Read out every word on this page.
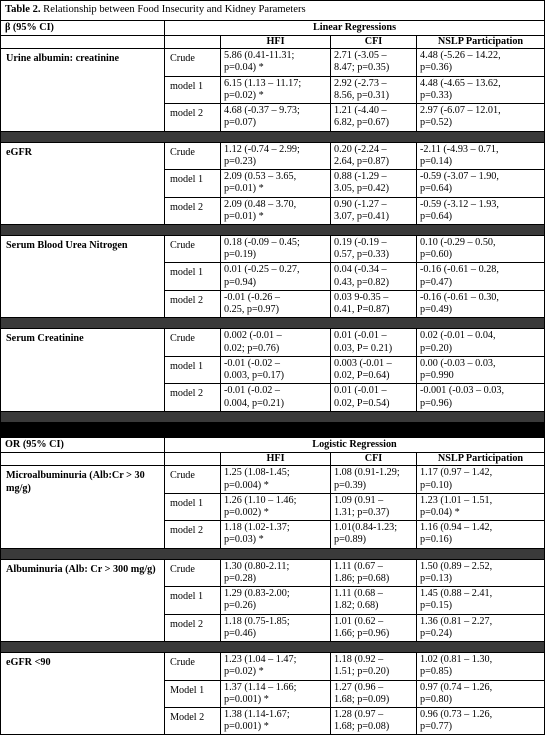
Table 2. Relationship between Food Insecurity and Kidney Parameters				
β (95% CI)	Linear Regressions			
		HFI	CFI	NSLP Participation
Urine albumin: creatinine	Crude	5.86 (0.41-11.31;
p=0.04) *	2.71 (-3.05 –
8.47; p=0.35)	4.48 (-5.26 – 14.22,
p=0.36)
	model 1	6.15 (1.13 – 11.17;
p=0.02) *	2.92 (-2.73 –
8.56, p=0.31)	4.48 (-4.65 – 13.62,
p=0.33)
	model 2	4.68 (-0.37 – 9.73;
p=0.07)	1.21 (-4.40 –
6.82, p=0.67)	2.97 (-6.07 – 12.01,
p=0.52)

eGFR	Crude	1.12 (-0.74 – 2.99;
p=0.23)	0.20 (-2.24 –
2.64, p=0.87)	-2.11 (-4.93 – 0.71,
p=0.14)
	model 1	2.09 (0.53 – 3.65,
p=0.01) *	0.88 (-1.29 –
3.05, p=0.42)	-0.59 (-3.07 – 1.90,
p=0.64)
	model 2	2.09 (0.48 – 3.70,
p=0.01) *	0.90 (-1.27 –
3.07, p=0.41)	-0.59 (-3.12 – 1.93,
p=0.64)

Serum Blood Urea Nitrogen	Crude	0.18 (-0.09 – 0.45;
p=0.19)	0.19 (-0.19 –
0.57, p=0.33)	0.10 (-0.29 – 0.50,
p=0.60)
	model 1	0.01 (-0.25 – 0.27,
p=0.94)	0.04 (-0.34 –
0.43, p=0.82)	-0.16 (-0.61 – 0.28,
p=0.47)
	model 2	-0.01 (-0.26 –
0.25, p=0.97)	0.03 9-0.35 –
0.41, P=0.87)	-0.16 (-0.61 – 0.30,
p=0.49)

Serum Creatinine	Crude	0.002 (-0.01 –
0.02; p=0.76)	0.01 (-0.01 –
0.03, P= 0.21)	0.02 (-0.01 – 0.04,
p=0.20)
	model 1	-0.01 (-0.02 –
0.003, p=0.17)	0.003 (-0.01 –
0.02, P=0.64)	0.00 (-0.03 – 0.03,
p=0.990
	model 2	-0.01 (-0.02 –
0.004, p=0.21)	0.01 (-0.01 –
0.02, P=0.54)	-0.001 (-0.03 – 0.03,
p=0.96)

OR (95% CI)	Logistic Regression			
		HFI	CFI	NSLP Participation
Microalbuminuria (Alb:Cr > 30 mg/g)	Crude	1.25 (1.08-1.45;
p=0.004) *	1.08 (0.91-1.29;
p=0.39)	1.17 (0.97 – 1.42,
p=0.10)
	model 1	1.26 (1.10 – 1.46;
p=0.002) *	1.09 (0.91 –
1.31; p=0.37)	1.23 (1.01 – 1.51,
p=0.04) *
	model 2	1.18 (1.02-1.37;
p=0.03) *	1.01(0.84-1.23;
p=0.89)	1.16 (0.94 – 1.42,
p=0.16)

Albuminuria (Alb: Cr > 300 mg/g)	Crude	1.30 (0.80-2.11;
p=0.28)	1.11 (0.67 –
1.86; p=0.68)	1.50 (0.89 – 2.52,
p=0.13)
	model 1	1.29 (0.83-2.00;
p=0.26)	1.11 (0.68 –
1.82; 0.68)	1.45 (0.88 – 2.41,
p=0.15)
	model 2	1.18 (0.75-1.85;
p=0.46)	1.01 (0.62 –
1.66; p=0.96)	1.36 (0.81 – 2.27,
p=0.24)

eGFR <90	Crude	1.23 (1.04 – 1.47;
p=0.02) *	1.18 (0.92 –
1.51; p=0.20)	1.02 (0.81 – 1.30,
p=0.85)
	Model 1	1.37 (1.14 – 1.66;
p=0.001) *	1.27 (0.96 –
1.68; p=0.09)	0.97 (0.74 – 1.26,
p=0.80)
	Model 2	1.38 (1.14-1.67;
p=0.001) *	1.28 (0.97 –
1.68; p=0.08)	0.96 (0.73 – 1.26,
p=0.77)
